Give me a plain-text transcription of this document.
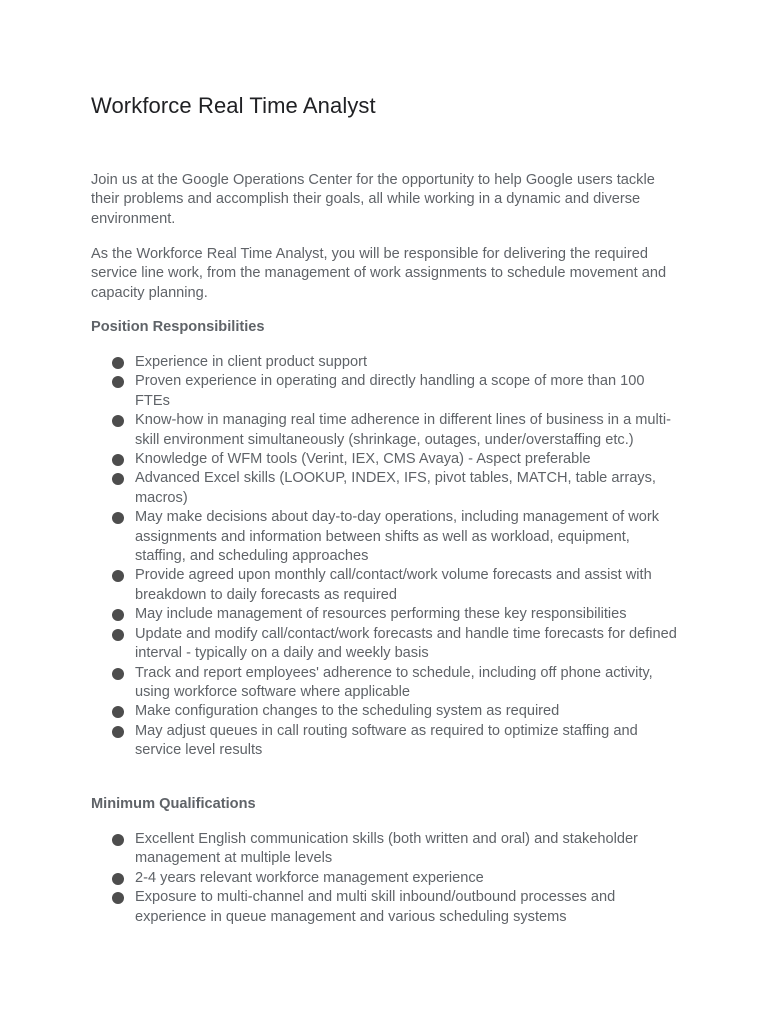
Workforce Real Time Analyst

Join us at the Google Operations Center for the opportunity to help Google users tackle their problems and accomplish their goals, all while working in a dynamic and diverse environment.

As the Workforce Real Time Analyst, you will be responsible for delivering the required service line work, from the management of work assignments to schedule movement and capacity planning.

Position Responsibilities
Experience in client product support
Proven experience in operating and directly handling a scope of more than 100 FTEs
Know-how in managing real time adherence in different lines of business in a multi-skill environment simultaneously (shrinkage, outages, under/overstaffing etc.)
Knowledge of WFM tools (Verint, IEX, CMS Avaya) - Aspect preferable
Advanced Excel skills (LOOKUP, INDEX, IFS, pivot tables, MATCH, table arrays, macros)
May make decisions about day-to-day operations, including management of work assignments and information between shifts as well as workload, equipment, staffing, and scheduling approaches
Provide agreed upon monthly call/contact/work volume forecasts and assist with breakdown to daily forecasts as required
May include management of resources performing these key responsibilities
Update and modify call/contact/work forecasts and handle time forecasts for defined interval - typically on a daily and weekly basis
Track and report employees' adherence to schedule, including off phone activity, using workforce software where applicable
Make configuration changes to the scheduling system as required
May adjust queues in call routing software as required to optimize staffing and service level results
Minimum Qualifications
Excellent English communication skills (both written and oral) and stakeholder management at multiple levels
2-4 years relevant workforce management experience
Exposure to multi-channel and multi skill inbound/outbound processes and experience in queue management and various scheduling systems
